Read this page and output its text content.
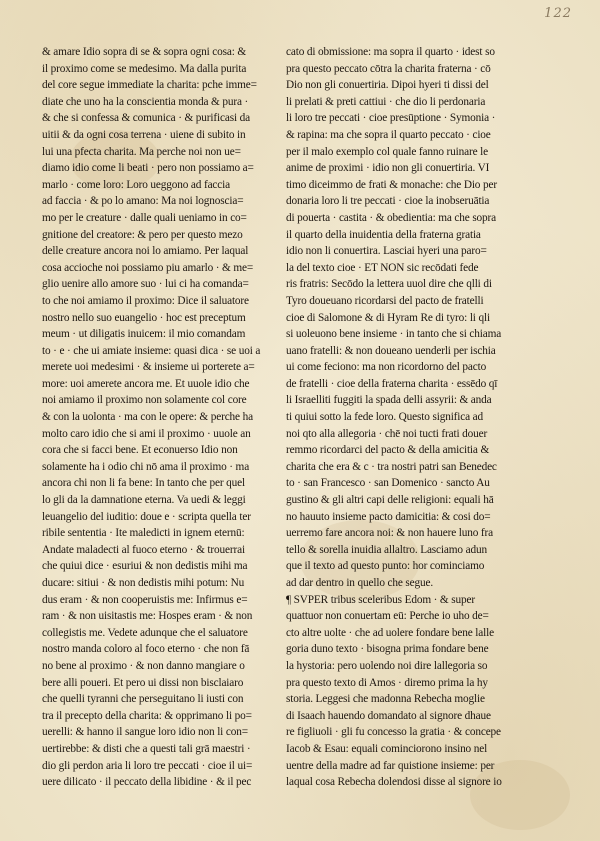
122
& amare Idio sopra di se & sopra ogni cosa: &
il proximo come se medesimo. Ma dalla purita
del core segue immediate la charita: pche imme=
diate che uno ha la conscientia monda & pura ·
& che si confessa & comunica · & purificasi da
uitii & da ogni cosa terrena · uiene di subito in
lui una pfecta charita. Ma perche noi non ue=
diamo idio come li beati · pero non possiamo a=
marlo · come loro: Loro ueggono ad faccia
ad faccia · & po lo amano: Ma noi lognoscia=
mo per le creature · dalle quali ueniamo in co=
gnitione del creatore: & pero per questo mezo
delle creature ancora noi lo amiamo. Per laqual
cosa accioche noi possiamo piu amarlo · & me=
glio uenire allo amore suo · lui ci ha comanda=
to che noi amiamo il proximo: Dice il saluatore
nostro nello suo euangelio · hoc est preceptum
meum · ut diligatis inuicem: il mio comandam
to · e · che ui amiate insieme: quasi dica · se uoi a
merete uoi medesimi · & insieme ui porterete a=
more: uoi amerete ancora me. Et uuole idio che
noi amiamo il proximo non solamente col core
& con la uolonta · ma con le opere: & perche ha
molto caro idio che si ami il proximo · uuole an
cora che si facci bene. Et econuerso Idio non
solamente ha i odio chi nō ama il proximo · ma
ancora chi non li fa bene: In tanto che per quel
lo gli da la damnatione eterna. Va uedi & leggi
leuangelio del iuditio: doue e · scripta quella ter
ribile sententia · Ite maledicti in ignem eternū:
Andate maladecti al fuoco eterno · & trouerrai
che quiui dice · esuriui & non dedistis mihi ma
ducare: sitiui · & non dedistis mihi potum: Nu
dus eram · & non cooperuistis me: Infirmus e=
ram · & non uisitastis me: Hospes eram · & non
collegistis me. Vedete adunque che el saluatore
nostro manda coloro al foco eterno · che non fā
no bene al proximo · & non danno mangiare o
bere alli poueri. Et pero ui dissi non bisclaiaro
che quelli tyranni che perseguitano li iusti con
tra il precepto della charita: & opprimano li po=
uerelli: & hanno il sangue loro idio non li con=
uertirebbe: & disti che a questi tali grā maestri ·
dio gli perdon aria li loro tre peccati · cioe il ui=
uere dilicato · il peccato della libidine · & il pec
cato di obmissione: ma sopra il quarto · idest so
pra questo peccato cōtra la charita fraterna · cō
Dio non gli conuertiria. Dipoi hyeri ti dissi del
li prelati & preti cattiui · che dio li perdonaria
li loro tre peccati · cioe presūptione · Symonia ·
& rapina: ma che sopra il quarto peccato · cioe
per il malo exemplo col quale fanno ruinare le
anime de proximi · idio non gli conuertiria. VI
timo diceimmo de frati & monache: che Dio per
donaria loro li tre peccati · cioe la inobseruātia
di pouerta · castita · & obedientia: ma che sopra
il quarto della inuidentia della fraterna gratia
idio non li conuertira. Lasciai hyeri una paro=
la del texto cioe · ET NON sic recōdati fede
ris fratris: Secōdo la lettera uuol dire che qlli di
Tyro doueuano ricordarsi del pacto de fratelli
cioe di Salomone & di Hyram Re di tyro: li qli
si uoleuono bene insieme · in tanto che si chiama
uano fratelli: & non doueano uenderli per ischia
ui come feciono: ma non ricordorno del pacto
de fratelli · cioe della fraterna charita · essēdo qī
li Israelliti fuggiti la spada delli assyrii: & anda
ti quiui sotto la fede loro. Questo significa ad
noi qto alla allegoria · chē noi tucti frati douer
remmo ricordarci del pacto & della amicitia &
charita che era & c · tra nostri patri san Benedec
to · san Francesco · san Domenico · sancto Au
gustino & gli altri capi delle religioni: equali hā
no hauuto insieme pacto damicitia: & cosi do=
uerremo fare ancora noi: & non hauere luno fra
tello & sorella inuidia allaltro. Lasciamo adun
que il texto ad questo punto: hor cominciamo
ad dar dentro in quello che segue.
¶ SVPER tribus sceleribus Edom · & super
quattuor non conuertam eū: Perche io uho de=
cto altre uolte · che ad uolere fondare bene lalle
goria duno texto · bisogna prima fondare bene
la hystoria: pero uolendo noi dire lallegoria so
pra questo texto di Amos · diremo prima la hy
storia. Leggesi che madonna Rebecha moglie
di Isaach hauendo domandato al signore dhaue
re figliuoli · gli fu concesso la gratia · & concepe
Iacob & Esau: equali cominciorono insino nel
uentre della madre ad far quistione insieme: per
laqual cosa Rebecha dolendosi disse al signore io
